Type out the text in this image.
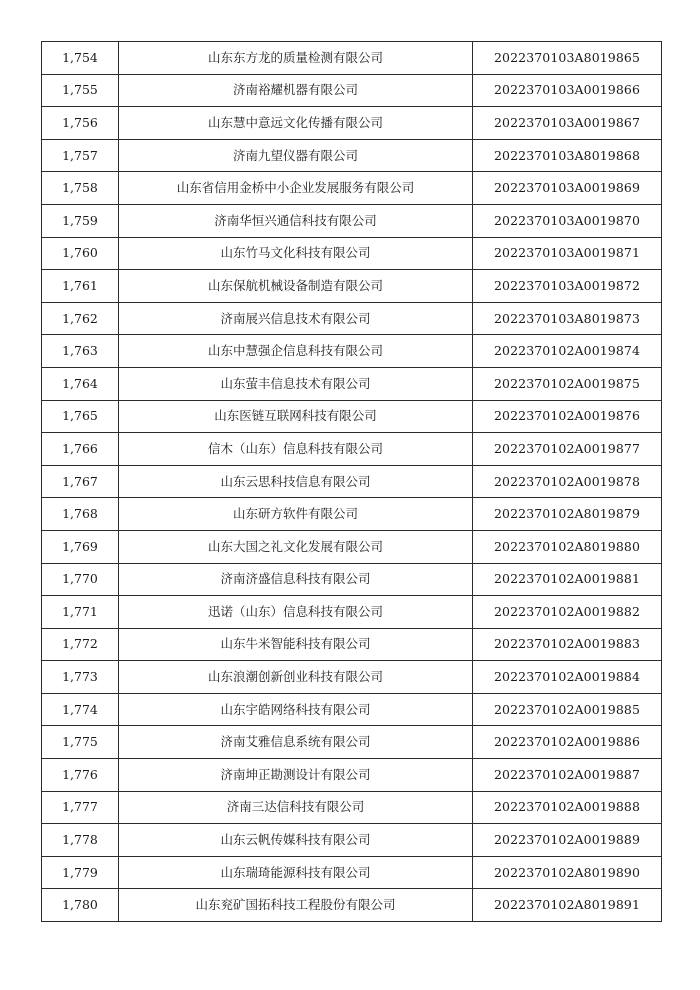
1,754	山东东方龙的质量检测有限公司	2022370103A8019865
1,755	济南裕耀机器有限公司	2022370103A0019866
1,756	山东慧中意远文化传播有限公司	2022370103A0019867
1,757	济南九望仪器有限公司	2022370103A8019868
1,758	山东省信用金桥中小企业发展服务有限公司	2022370103A0019869
1,759	济南华恒兴通信科技有限公司	2022370103A0019870
1,760	山东竹马文化科技有限公司	2022370103A0019871
1,761	山东保航机械设备制造有限公司	2022370103A0019872
1,762	济南展兴信息技术有限公司	2022370103A8019873
1,763	山东中慧强企信息科技有限公司	2022370102A0019874
1,764	山东萤丰信息技术有限公司	2022370102A0019875
1,765	山东医链互联网科技有限公司	2022370102A0019876
1,766	信木（山东）信息科技有限公司	2022370102A0019877
1,767	山东云思科技信息有限公司	2022370102A0019878
1,768	山东研方软件有限公司	2022370102A8019879
1,769	山东大国之礼文化发展有限公司	2022370102A8019880
1,770	济南济盛信息科技有限公司	2022370102A0019881
1,771	迅诺（山东）信息科技有限公司	2022370102A0019882
1,772	山东牛米智能科技有限公司	2022370102A0019883
1,773	山东浪潮创新创业科技有限公司	2022370102A0019884
1,774	山东宇皓网络科技有限公司	2022370102A0019885
1,775	济南艾雅信息系统有限公司	2022370102A0019886
1,776	济南坤正勘测设计有限公司	2022370102A0019887
1,777	济南三达信科技有限公司	2022370102A0019888
1,778	山东云帆传媒科技有限公司	2022370102A0019889
1,779	山东瑞琦能源科技有限公司	2022370102A8019890
1,780	山东兖矿国拓科技工程股份有限公司	2022370102A8019891
